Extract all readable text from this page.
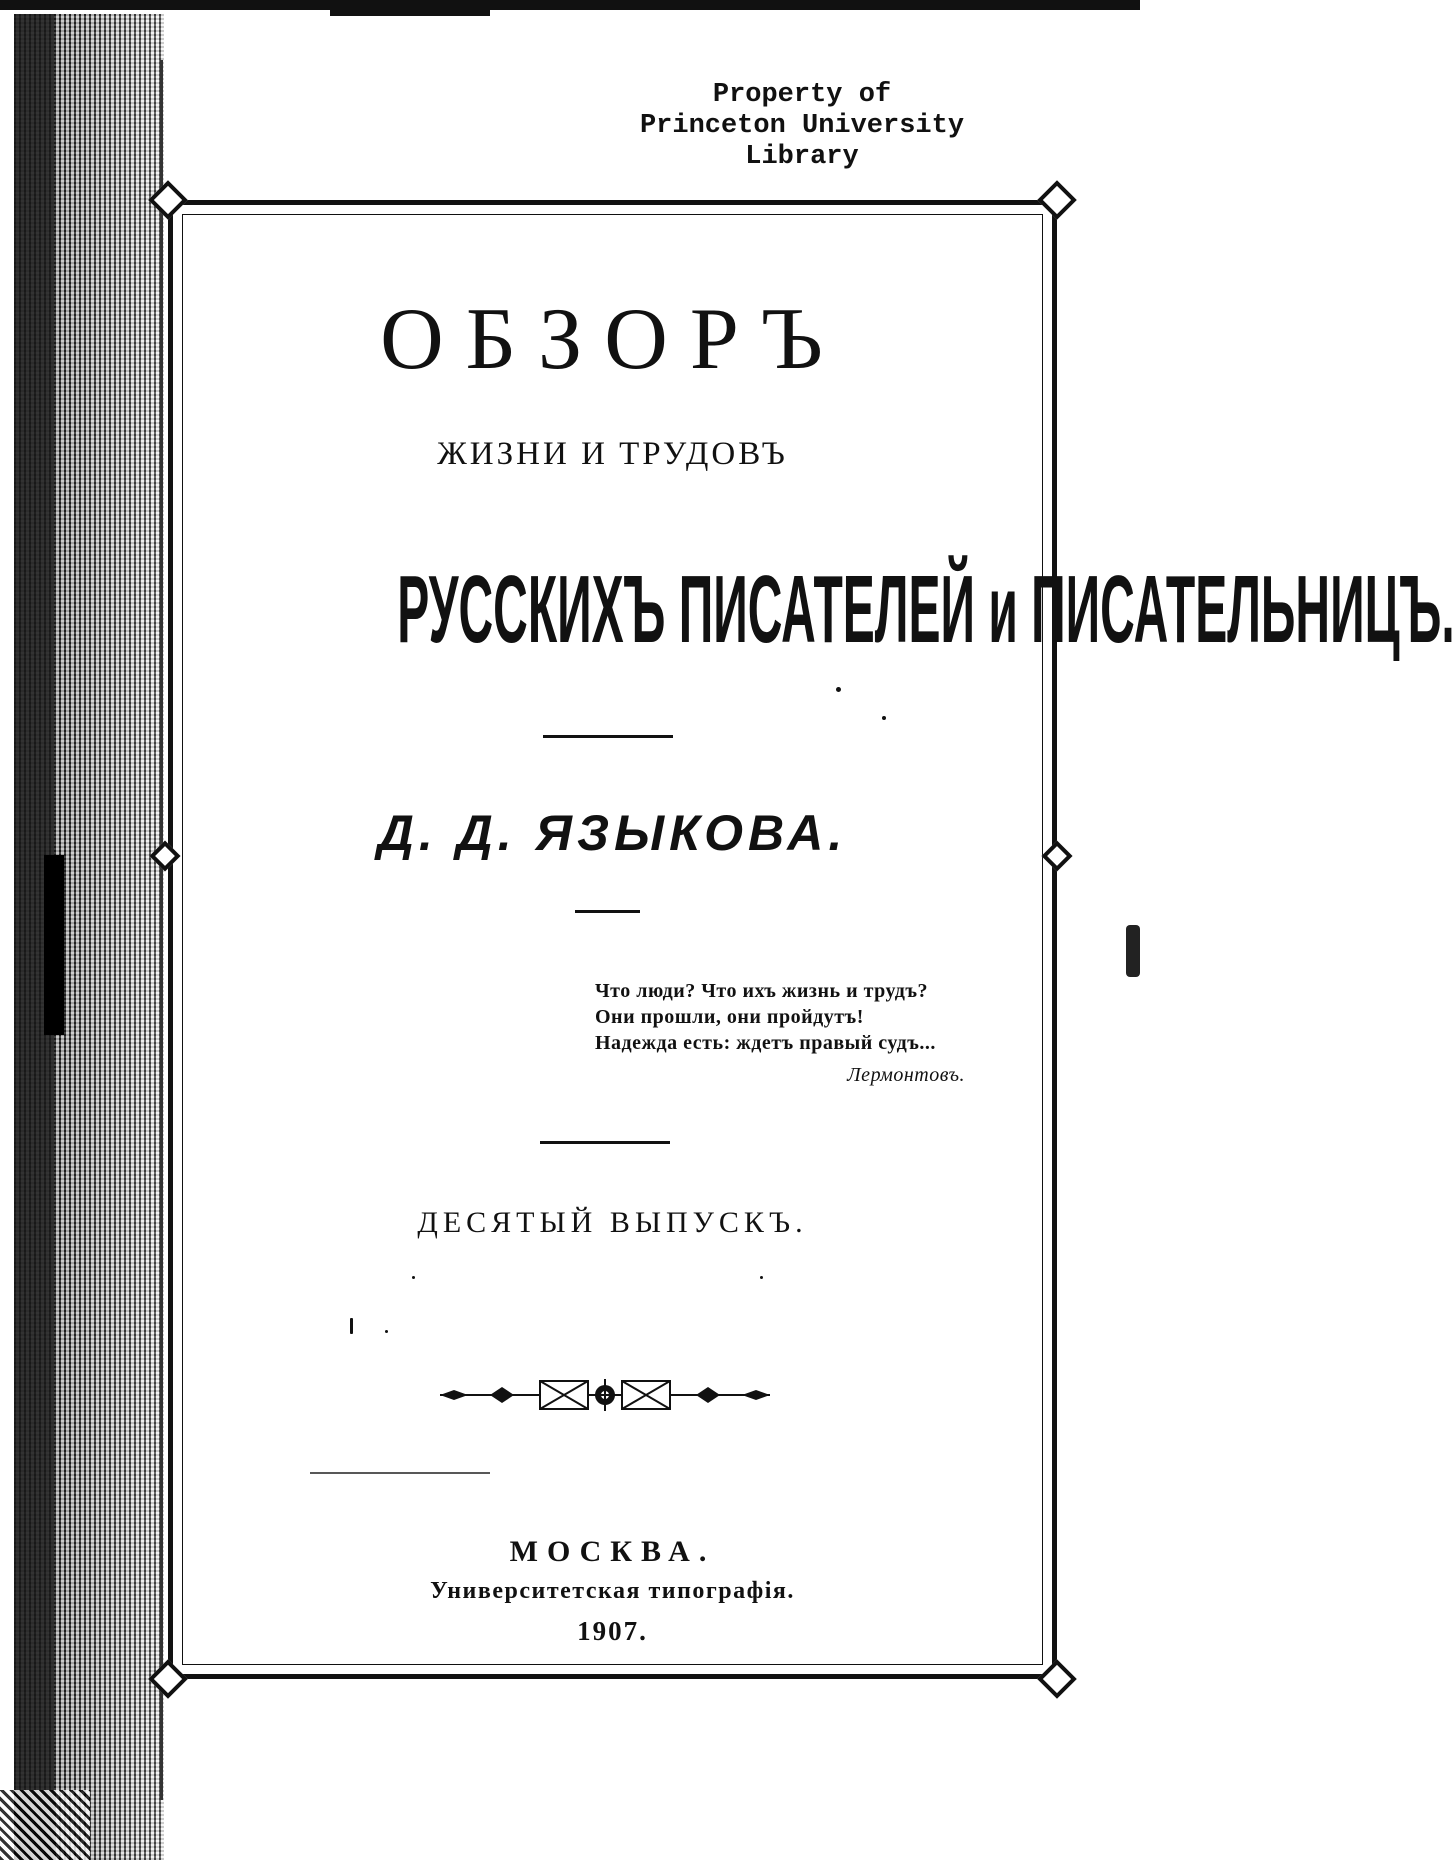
Property of
Princeton University
Library
ОБЗОРЪ
ЖИЗНИ И ТРУДОВЪ
РУССКИХЪ ПИСАТЕЛЕЙ и ПИСАТЕЛЬНИЦЪ.
Д. Д. ЯЗЫКОВА.
Что люди? Что ихъ жизнь и трудъ?
Они прошли, они пройдутъ!
Надежда есть: ждетъ правый судъ...
Лермонтовъ.
ДЕСЯТЫЙ ВЫПУСКЪ.
МОСКВА.
Университетская типографія.
1907.
